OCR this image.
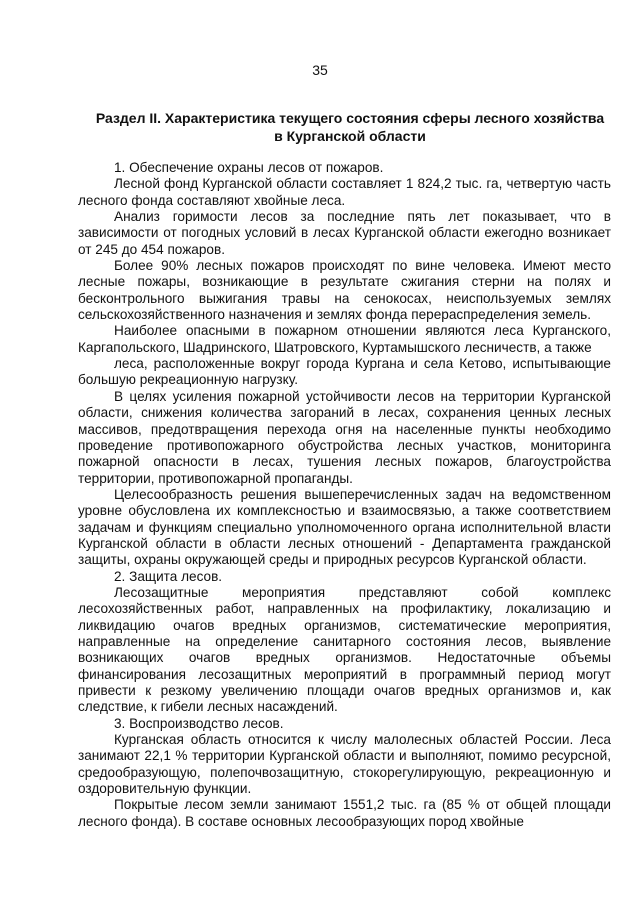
35
Раздел II. Характеристика текущего состояния сферы лесного хозяйства в Курганской области

1. Обеспечение охраны лесов от пожаров.

Лесной фонд Курганской области составляет 1 824,2 тыс. га, четвертую часть лесного фонда составляют хвойные леса.

Анализ горимости лесов за последние пять лет показывает, что в зависимости от погодных условий в лесах Курганской области ежегодно возникает от 245 до 454 пожаров.

Более 90% лесных пожаров происходят по вине человека. Имеют место лесные пожары, возникающие в результате сжигания стерни на полях и бесконтрольного выжигания травы на сенокосах, неиспользуемых землях сельскохозяйственного назначения и землях фонда перераспределения земель.

Наиболее опасными в пожарном отношении являются леса Курганского, Каргапольского, Шадринского, Шатровского, Куртамышского лесничеств, а также

леса, расположенные вокруг города Кургана и села Кетово, испытывающие большую рекреационную нагрузку.

В целях усиления пожарной устойчивости лесов на территории Курганской области, снижения количества загораний в лесах, сохранения ценных лесных массивов, предотвращения перехода огня на населенные пункты необходимо проведение противопожарного обустройства лесных участков, мониторинга пожарной опасности в лесах, тушения лесных пожаров, благоустройства территории, противопожарной пропаганды.

Целесообразность решения вышеперечисленных задач на ведомственном уровне обусловлена их комплексностью и взаимосвязью, а также соответствием задачам и функциям специально уполномоченного органа исполнительной власти Курганской области в области лесных отношений - Департамента гражданской защиты, охраны окружающей среды и природных ресурсов Курганской области.

2. Защита лесов.

Лесозащитные мероприятия представляют собой комплекс лесохозяйственных работ, направленных на профилактику, локализацию и ликвидацию очагов вредных организмов, систематические мероприятия, направленные на определение санитарного состояния лесов, выявление возникающих очагов вредных организмов. Недостаточные объемы финансирования лесозащитных мероприятий в программный период могут привести к резкому увеличению площади очагов вредных организмов и, как следствие, к гибели лесных насаждений.

3. Воспроизводство лесов.

Курганская область относится к числу малолесных областей России. Леса занимают 22,1 % территории Курганской области и выполняют, помимо ресурсной, средообразующую, полепочвозащитную, стокорегулирующую, рекреационную и оздоровительную функции.

Покрытые лесом земли занимают 1551,2 тыс. га (85 % от общей площади лесного фонда). В составе основных лесообразующих пород хвойные
